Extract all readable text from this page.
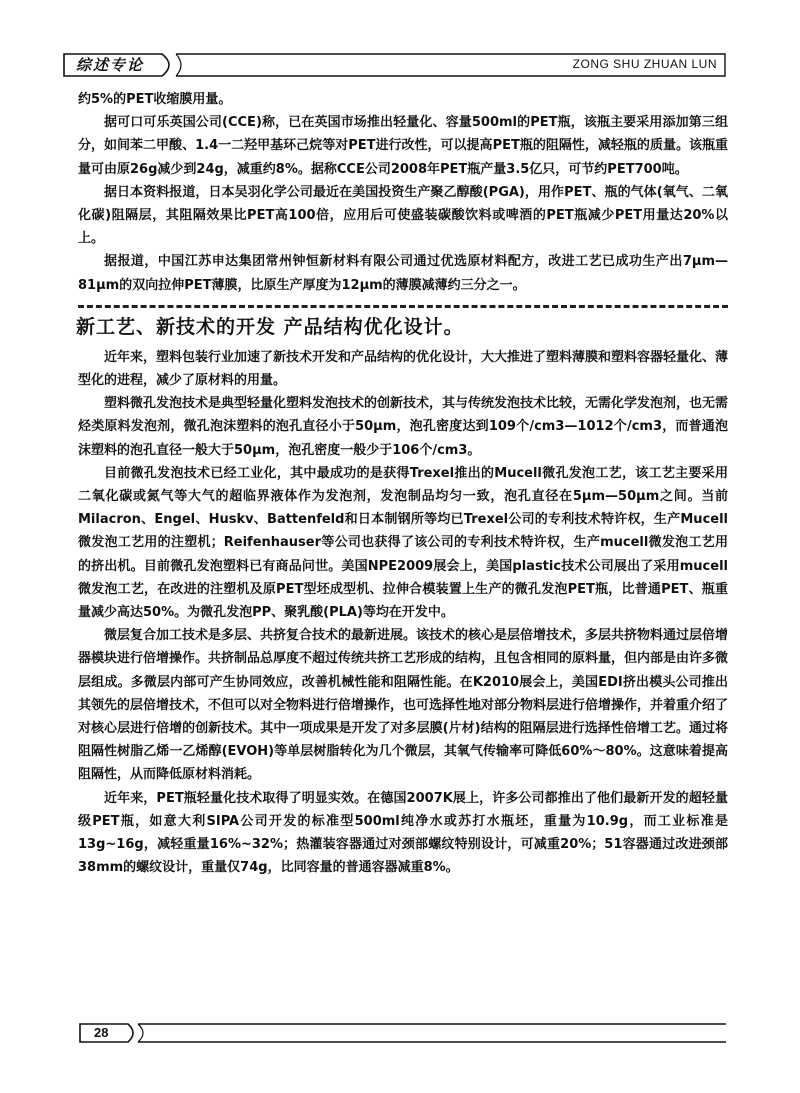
综述专论	ZONG SHU ZHUAN LUN

约5%的PET收缩膜用量。

据可口可乐英国公司(CCE)称，已在英国市场推出轻量化、容量500ml的PET瓶，该瓶主要采用添加第三组分，如间苯二甲酸、1.4一二羟甲基环己烷等对PET进行改性，可以提高PET瓶的阻隔性，减轻瓶的质量。该瓶重量可由原26g减少到24g，减重约8%。据称CCE公司2008年PET瓶产量3.5亿只，可节约PET700吨。

据日本资料报道，日本吴羽化学公司最近在美国投资生产聚乙醇酸(PGA)，用作PET、瓶的气体(氧气、二氧化碳)阻隔层，其阻隔效果比PET高100倍，应用后可使盛装碳酸饮料或啤酒的PET瓶减少PET用量达20%以上。

据报道，中国江苏申达集团常州钟恒新材料有限公司通过优选原材料配方，改进工艺已成功生产出7μm—81μm的双向拉伸PET薄膜，比原生产厚度为12μm的薄膜减薄约三分之一。

新工艺、新技术的开发 产品结构优化设计。

近年来，塑料包装行业加速了新技术开发和产品结构的优化设计，大大推进了塑料薄膜和塑料容器轻量化、薄型化的进程，减少了原材料的用量。

塑料微孔发泡技术是典型轻量化塑料发泡技术的创新技术，其与传统发泡技术比较，无需化学发泡剂，也无需烃类原料发泡剂，微孔泡沫塑料的泡孔直径小于50μm，泡孔密度达到109个/cm3—1012个/cm3，而普通泡沫塑料的泡孔直径一般大于50μm，泡孔密度一般少于106个/cm3。

目前微孔发泡技术已经工业化，其中最成功的是获得Trexel推出的Mucell微孔发泡工艺，该工艺主要采用二氧化碳或氮气等大气的超临界液体作为发泡剂，发泡制品均匀一致，泡孔直径在5μm—50μm之间。当前Milacron、Engel、Huskv、Battenfeld和日本制钢所等均已Trexel公司的专利技术特许权，生产Mucell微发泡工艺用的注塑机；Reifenhauser等公司也获得了该公司的专利技术特许权，生产mucell微发泡工艺用的挤出机。目前微孔发泡塑料已有商品问世。美国NPE2009展会上，美国plastic技术公司展出了采用mucell微发泡工艺，在改进的注塑机及原PET型坯成型机、拉伸合模装置上生产的微孔发泡PET瓶，比普通PET、瓶重量减少高达50%。为微孔发泡PP、聚乳酸(PLA)等均在开发中。

微层复合加工技术是多层、共挤复合技术的最新进展。该技术的核心是层倍增技术，多层共挤物料通过层倍增器模块进行倍增操作。共挤制品总厚度不超过传统共挤工艺形成的结构，且包含相同的原料量，但内部是由许多微层组成。多微层内部可产生协同效应，改善机械性能和阻隔性能。在K2010展会上，美国EDI挤出模头公司推出其领先的层倍增技术，不但可以对全物料进行倍增操作，也可选择性地对部分物料层进行倍增操作，并着重介绍了对核心层进行倍增的创新技术。其中一项成果是开发了对多层膜(片材)结构的阻隔层进行选择性倍增工艺。通过将阻隔性树脂乙烯一乙烯醇(EVOH)等单层树脂转化为几个微层，其氧气传输率可降低60%～80%。这意味着提高阻隔性，从而降低原材料消耗。

近年来，PET瓶轻量化技术取得了明显实效。在德国2007K展上，许多公司都推出了他们最新开发的超轻量级PET瓶，如意大利SIPA公司开发的标准型500ml纯净水或苏打水瓶坯，重量为10.9g，而工业标准是13g~16g，减轻重量16%~32%；热灌装容器通过对颈部螺纹特别设计，可减重20%；51容器通过改进颈部38mm的螺纹设计，重量仅74g，比同容量的普通容器减重8%。

28
